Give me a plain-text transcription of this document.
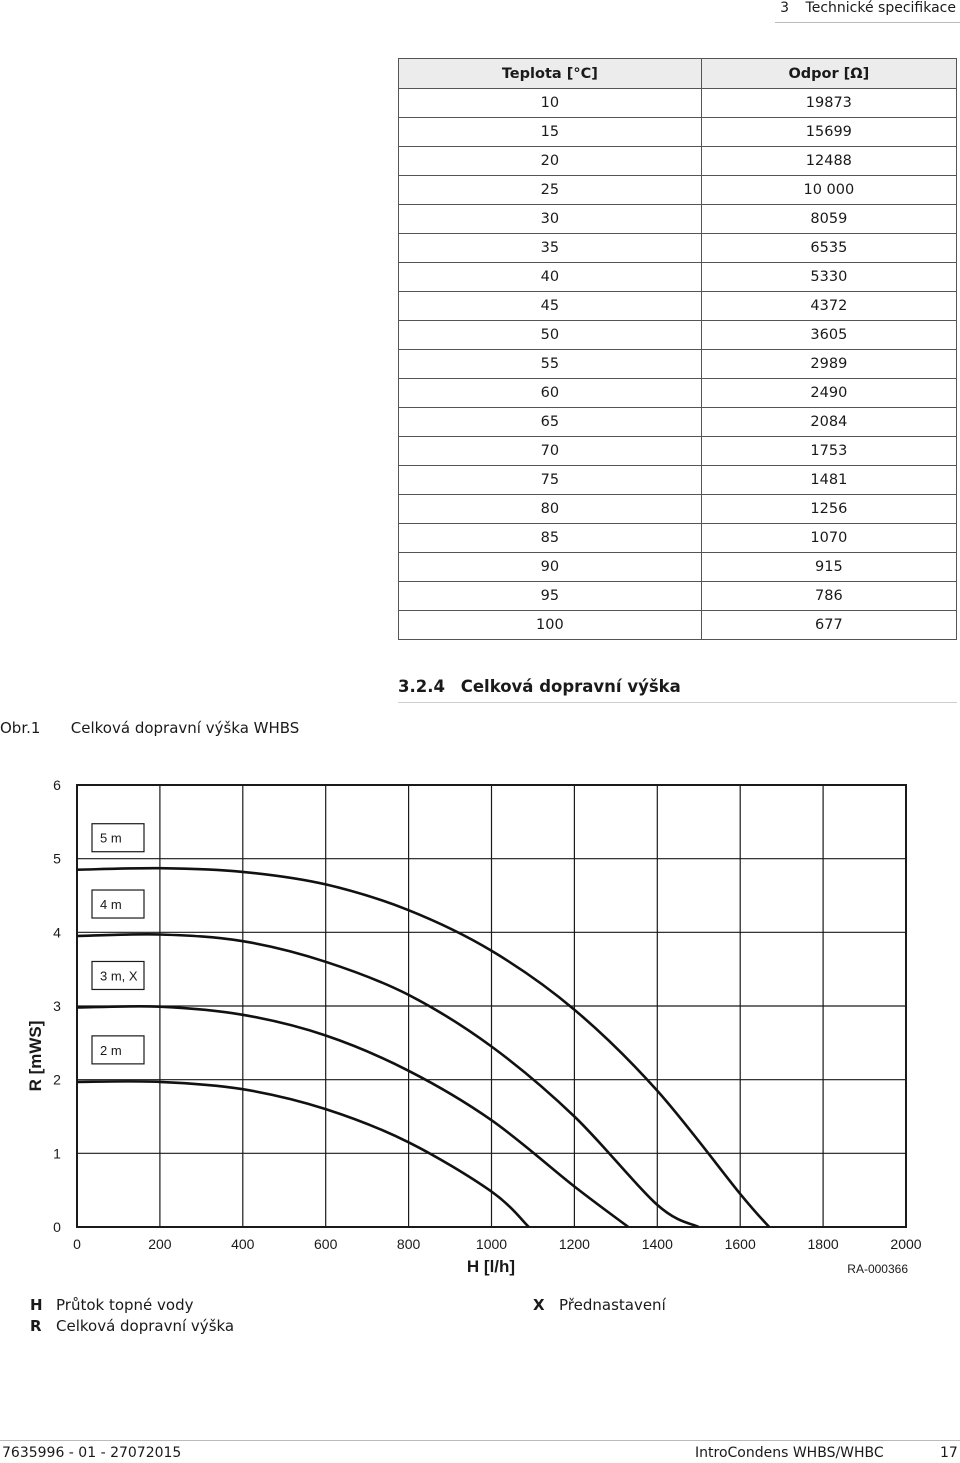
3 Technické specifikace
Teplota [°C]	Odpor [Ω]
10	19873
15	15699
20	12488
25	10 000
30	8059
35	6535
40	5330
45	4372
50	3605
55	2989
60	2490
65	2084
70	1753
75	1481
80	1256
85	1070
90	915
95	786
100	677
3.2.4 Celková dopravní výška
Obr.1 Celková dopravní výška WHBS
0	200	400	600	800	1000	1200	1400	1600	1800	2000
0
1
2
3
4
5
6
5 m
4 m
3 m, X
2 m
H [l/h]
R [mWS]
RA-000366
H Průtok topné vody
R Celková dopravní výška
X Přednastavení
7635996 - 01 - 27072015	IntroCondens WHBS/WHBC	17
